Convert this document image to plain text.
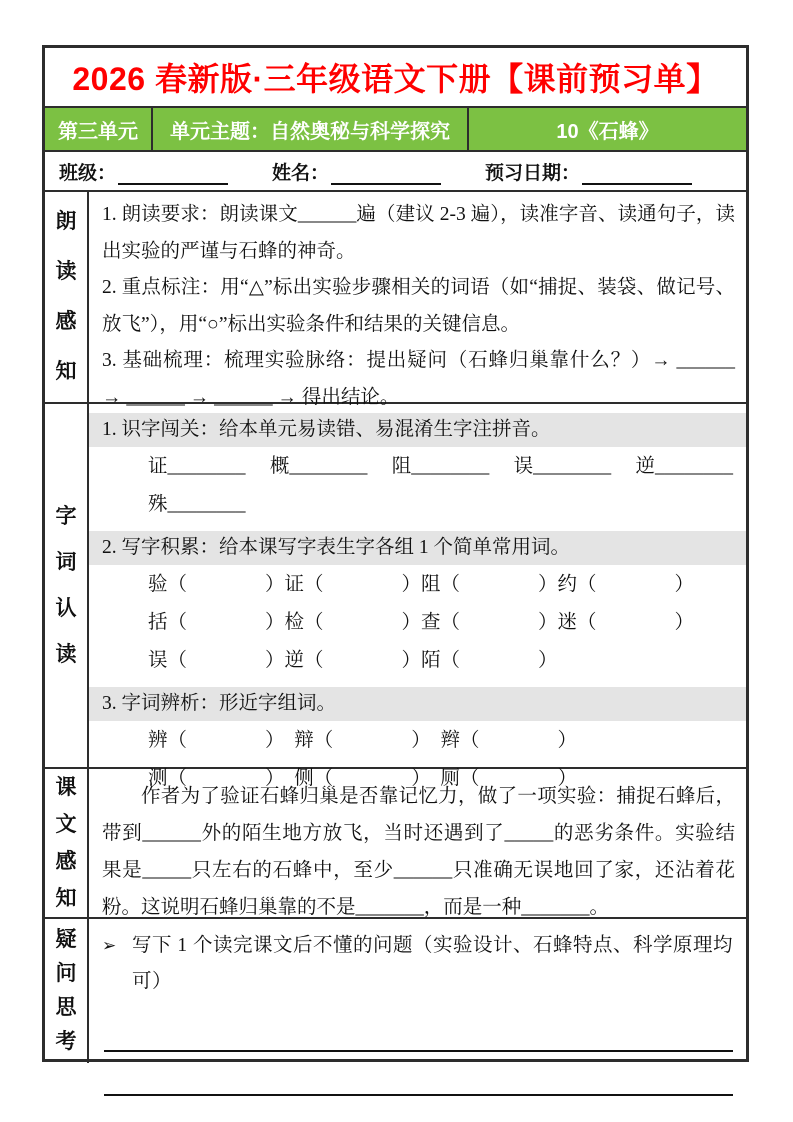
2026 春新版·三年级语文下册【课前预习单】
第三单元	单元主题：自然奥秘与科学探究	10《石蜂》
班级：	姓名：	预习日期：
朗读感知

1. 朗读要求：朗读课文______遍（建议 2-3 遍），读准字音、读通句子，读出实验的严谨与石蜂的神奇。

2. 重点标注：用“△”标出实验步骤相关的词语（如“捕捉、装袋、做记号、放飞”），用“○”标出实验条件和结果的关键信息。

3. 基础梳理：梳理实验脉络：提出疑问（石蜂归巢靠什么？）→ ______ → ______ → ______ → 得出结论。

字词认读
1. 识字闯关：给本单元易读错、易混淆生字注拼音。
证________　 概________　 阻________　 误________　 逆________
殊________
2. 写字积累：给本课写字表生字各组 1 个简单常用词。
验（　　　　）证（　　　　）阻（　　　　）约（　　　　）
括（　　　　）检（　　　　）查（　　　　）迷（　　　　）
误（　　　　）逆（　　　　）陌（　　　　）
3. 字词辨析：形近字组词。
辨（　　　　）　辩（　　　　）　辫（　　　　）
测（　　　　）　侧（　　　　）　厕（　　　　）
课文感知

作者为了验证石蜂归巢是否靠记忆力，做了一项实验：捕捉石蜂后，带到______外的陌生地方放飞，当时还遇到了_____的恶劣条件。实验结果是_____只左右的石蜂中，至少______只准确无误地回了家，还沾着花粉。这说明石蜂归巢靠的不是_______，而是一种_______。

疑问思考
➢ 写下 1 个读完课文后不懂的问题（实验设计、石蜂特点、科学原理均可）
